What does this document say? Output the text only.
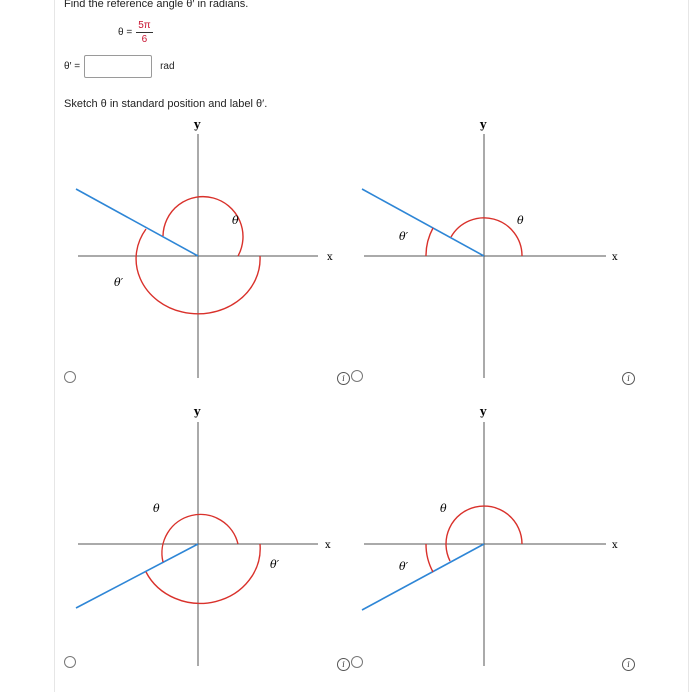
Find the reference angle θ′ in radians.
$\theta = \frac{5\pi}{6}$
θ′ =	rad
Sketch θ in standard position and label θ′.
x
y
θ
θ′
x
y
θ
θ′
x
y
θ
θ′
x
y
θ
θ′
i	i
i	i
